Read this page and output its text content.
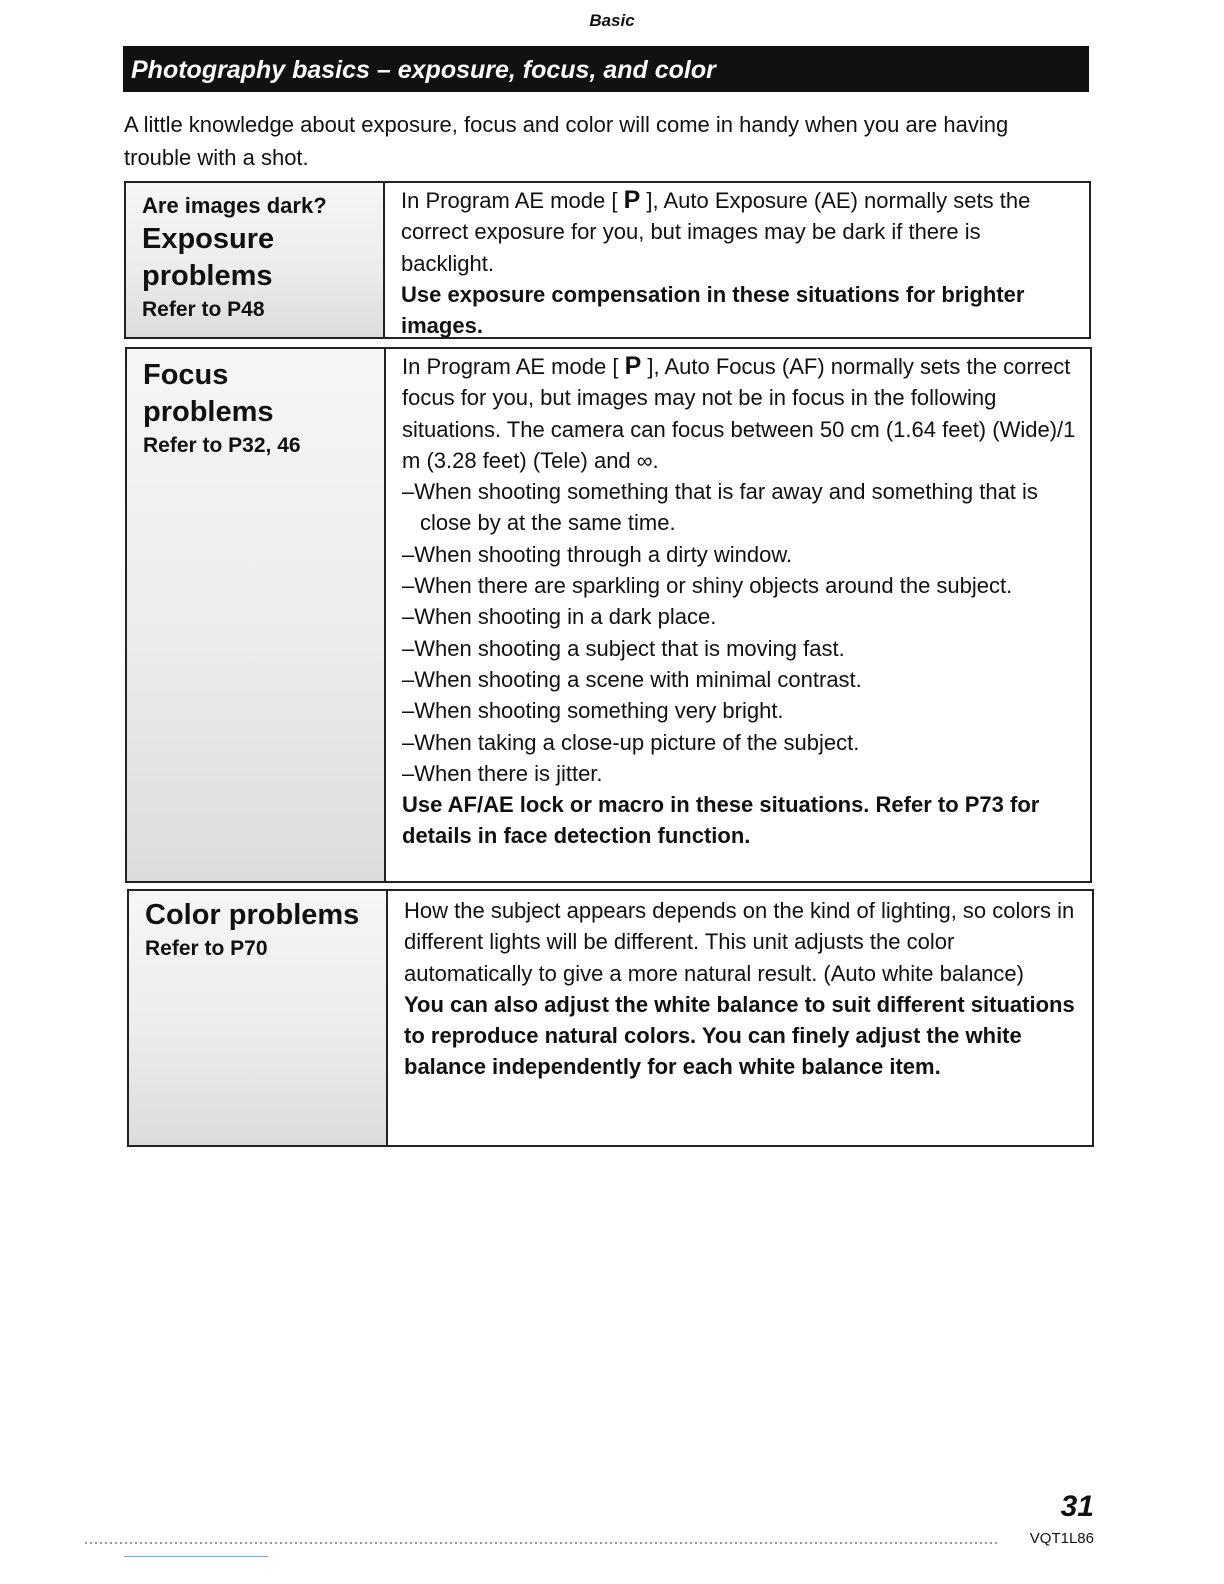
Basic
Photography basics – exposure, focus, and color
A little knowledge about exposure, focus and color will come in handy when you are having trouble with a shot.
Are images dark?
Exposure
problems
Refer to P48
In Program AE mode [ P ], Auto Exposure (AE) normally sets the correct exposure for you, but images may be dark if there is backlight.
Use exposure compensation in these situations for brighter images.
Focus
problems
Refer to P32, 46
In Program AE mode [ P ], Auto Focus (AF) normally sets the correct focus for you, but images may not be in focus in the following situations. The camera can focus between 50 cm (1.64 feet) (Wide)/1 m (3.28 feet) (Tele) and ∞.
–When shooting something that is far away and something that is close by at the same time.
–When shooting through a dirty window.
–When there are sparkling or shiny objects around the subject.
–When shooting in a dark place.
–When shooting a subject that is moving fast.
–When shooting a scene with minimal contrast.
–When shooting something very bright.
–When taking a close-up picture of the subject.
–When there is jitter.
Use AF/AE lock or macro in these situations. Refer to P73 for details in face detection function.
Color problems
Refer to P70
How the subject appears depends on the kind of lighting, so colors in different lights will be different. This unit adjusts the color automatically to give a more natural result. (Auto white balance)
You can also adjust the white balance to suit different situations to reproduce natural colors. You can finely adjust the white balance independently for each white balance item.
31
VQT1L86
